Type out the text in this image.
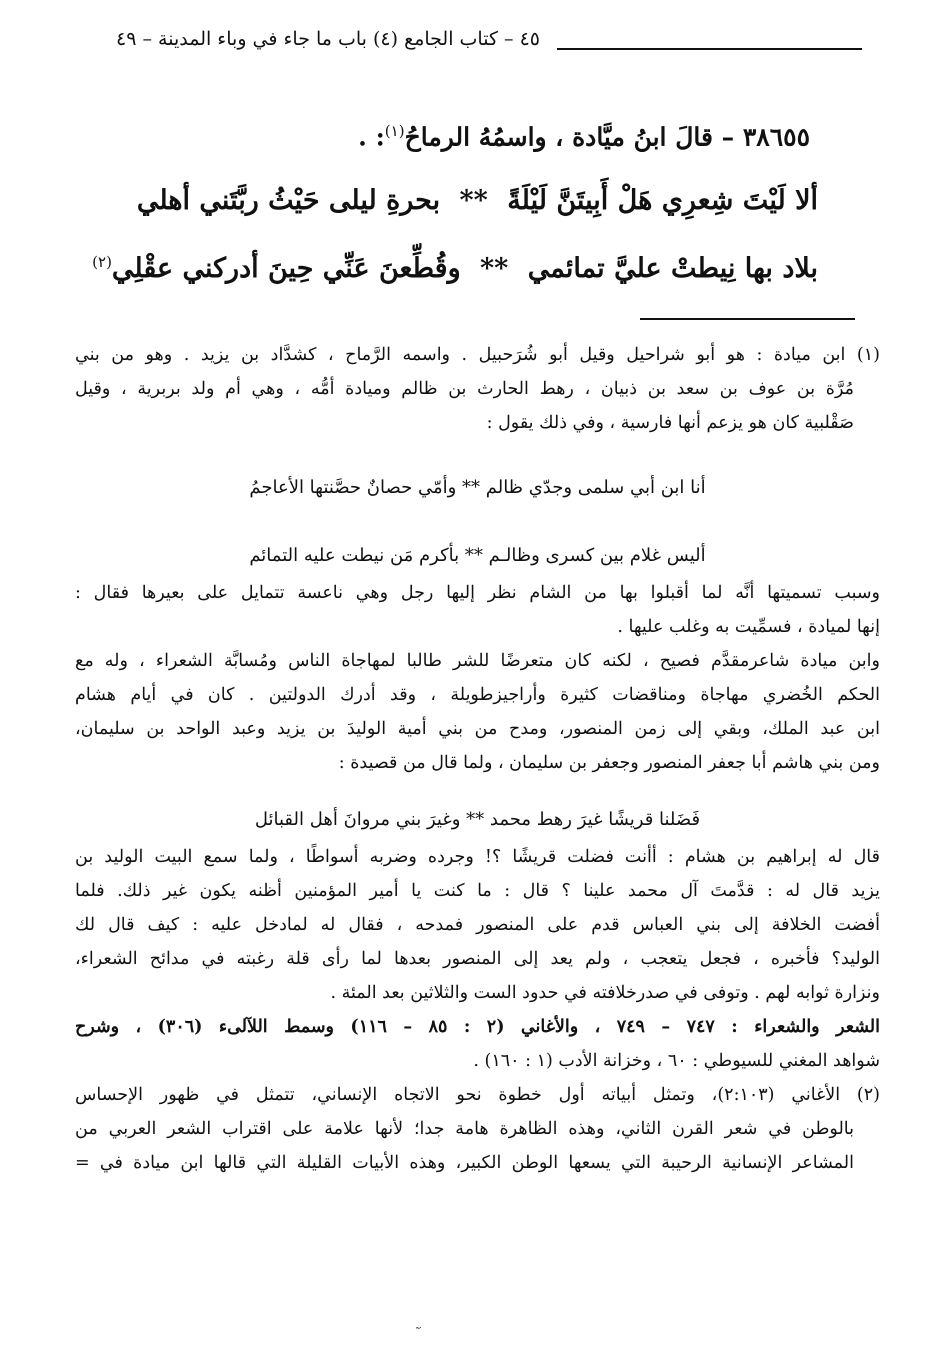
٤٥ – كتاب الجامع (٤) باب ما جاء في وباء المدينة – ٤٩
٣٨٦٥٥ – قالَ ابنُ ميَّادة ، واسمُهُ الرماحُ$^{(١)}$: .
ألا لَيْتَ شِعرِي هَلْ أَبِيتَنَّ لَيْلَةً ** بحرةِ ليلى حَيْثُ ربَّتَني أهلي
بلاد بها نِيطتْ عليَّ تمائمي ** وقُطِّعنَ عَنِّي حِينَ أدركني عقْلِي$^{(٢)}$
(١) ابن ميادة : هو أبو شراحيل وقيل أبو شُرَحبيل . واسمه الرَّماح ، كشدَّاد بن يزيد . وهو من بني
مُرَّة بن عوف بن سعد بن ذبيان ، رهط الحارث بن ظالم وميادة أمُّه ، وهي أم ولد بربرية ، وقيل
صَقْلبية كان هو يزعم أنها فارسية ، وفي ذلك يقول :
أنا ابن أبي سلمى وجدّي ظالم ** وأمّي حصانٌ حصَّنتها الأعاجمُ
أليس غلام بين كسرى وظالـم ** بأكرم مَن نيطت عليه التمائم
وسبب تسميتها أنَّه لما أقبلوا بها من الشام نظر إليها رجل وهي ناعسة تتمايل على بعيرها فقال :
إنها لميادة ، فسمِّيت به وغلب عليها .
وابن ميادة شاعرمقدَّم فصيح ، لكنه كان متعرضًا للشر طالبا لمهاجاة الناس ومُسابَّة الشعراء ، وله مع
الحكم الخُضري مهاجاة ومناقضات كثيرة وأراجيزطويلة ، وقد أدرك الدولتين . كان في أيام هشام
ابن عبد الملك، وبقي إلى زمن المنصور، ومدح من بني أمية الوليدَ بن يزيد وعبد الواحد بن سليمان،
ومن بني هاشم أبا جعفر المنصور وجعفر بن سليمان ، ولما قال من قصيدة :
فَضَلنا قريشًا غيرَ رهط محمد ** وغيرَ بني مروانَ أهل القبائل
قال له إبراهيم بن هشام : أأنت فضلت قريشًا ؟! وجرده وضربه أسواطًا ، ولما سمع البيت الوليد بن
يزيد قال له : قدَّمتَ آل محمد علينا ؟ قال : ما كنت يا أمير المؤمنين أظنه يكون غير ذلك. فلما
أفضت الخلافة إلى بني العباس قدم على المنصور فمدحه ، فقال له لمادخل عليه : كيف قال لك
الوليد؟ فأخبره ، فجعل يتعجب ، ولم يعد إلى المنصور بعدها لما رأى قلة رغبته في مدائح الشعراء،
ونزارة ثوابه لهم . وتوفى في صدرخلافته في حدود الست والثلاثين بعد المئة .
الشعر والشعراء : ٧٤٧ – ٧٤٩ ، والأغاني (٢ : ٨٥ – ١١٦) وسمط اللآلىء (٣٠٦) ، وشرح
شواهد المغني للسيوطي : ٦٠ ، وخزانة الأدب (١ : ١٦٠) .
(٢) الأغاني (٢:١٠٣)، وتمثل أبياته أول خطوة نحو الاتجاه الإنساني، تتمثل في ظهور الإحساس
بالوطن في شعر القرن الثاني، وهذه الظاهرة هامة جدا؛ لأنها علامة على اقتراب الشعر العربي من
المشاعر الإنسانية الرحيبة التي يسعها الوطن الكبير، وهذه الأبيات القليلة التي قالها ابن ميادة في =
